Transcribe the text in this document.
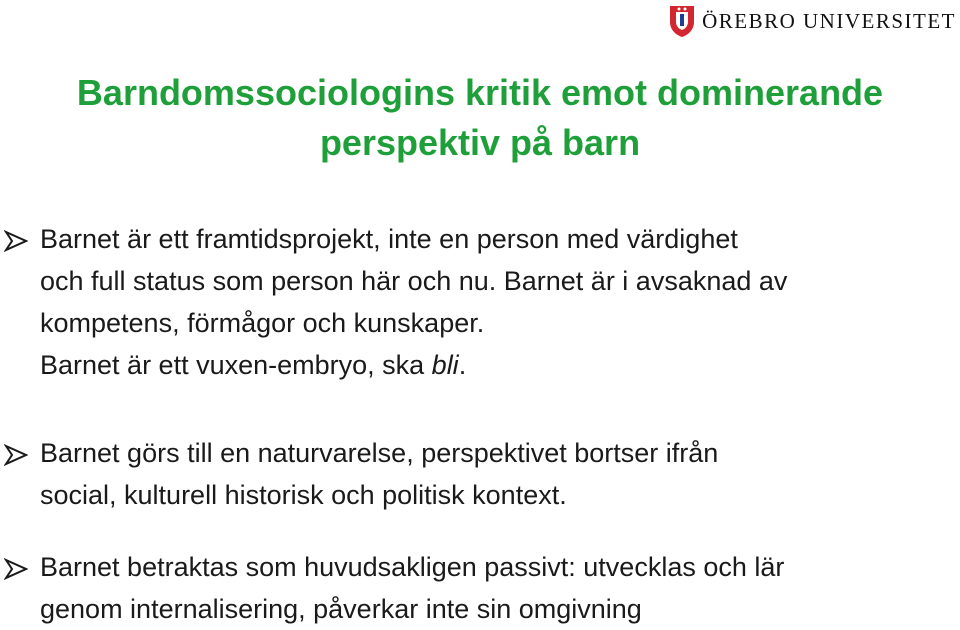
ÖREBRO UNIVERSITET
Barndomssociologins kritik emot dominerande
perspektiv på barn
Barnet är ett framtidsprojekt, inte en person med värdighet
och full status som person här och nu. Barnet är i avsaknad av
kompetens, förmågor och kunskaper.
Barnet är ett vuxen-embryo, ska bli.
Barnet görs till en naturvarelse, perspektivet bortser ifrån
social, kulturell historisk och politisk kontext.
Barnet betraktas som huvudsakligen passivt: utvecklas och lär
genom internalisering, påverkar inte sin omgivning
